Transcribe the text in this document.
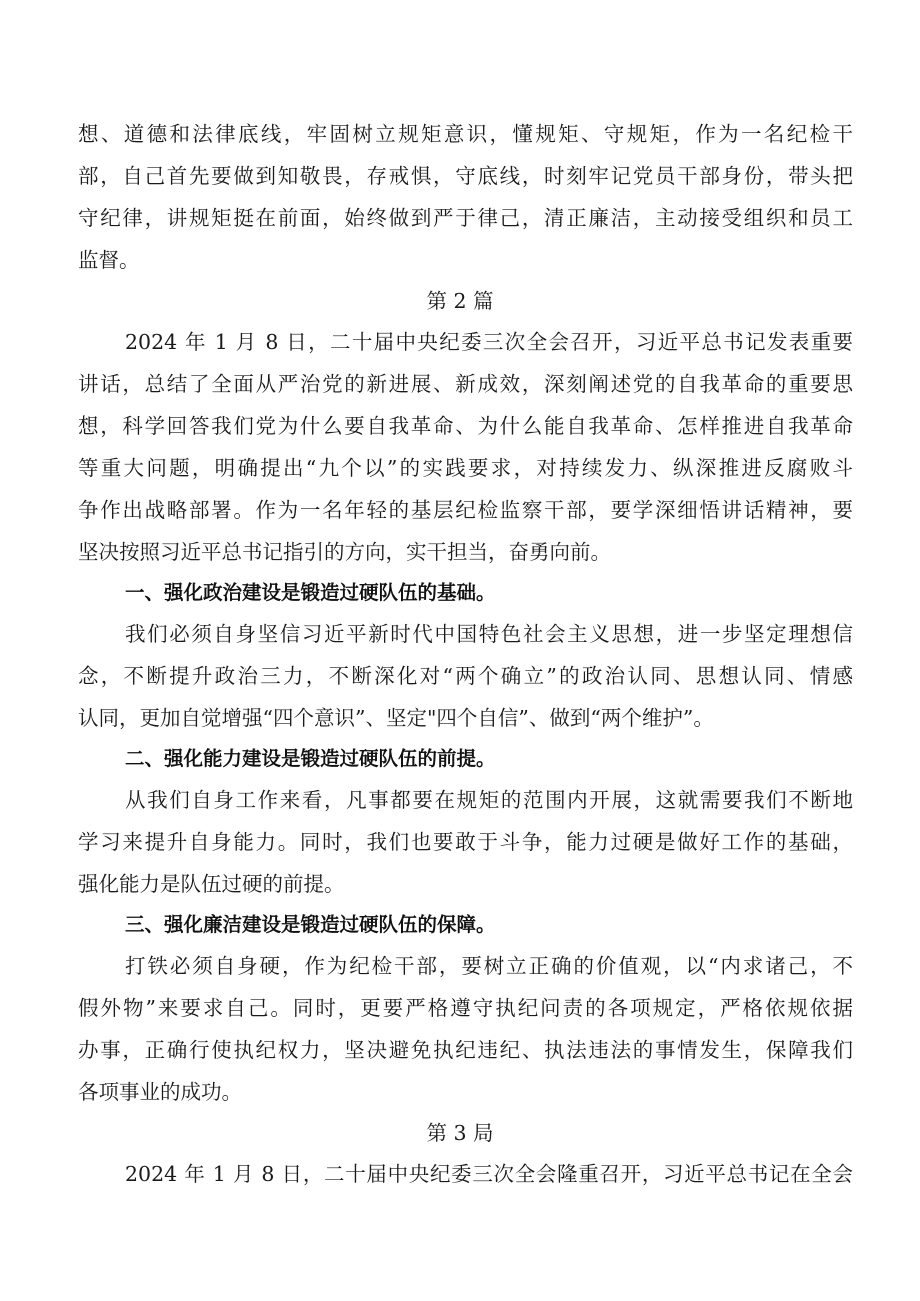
想、道德和法律底线，牢固树立规矩意识，懂规矩、守规矩，作为一名纪检干
部，自己首先要做到知敬畏，存戒惧，守底线，时刻牢记党员干部身份，带头把
守纪律，讲规矩挺在前面，始终做到严于律己，清正廉洁，主动接受组织和员工
监督。
第 2 篇
2024 年 1 月 8 日，二十届中央纪委三次全会召开，习近平总书记发表重要
讲话，总结了全面从严治党的新进展、新成效，深刻阐述党的自我革命的重要思
想，科学回答我们党为什么要自我革命、为什么能自我革命、怎样推进自我革命
等重大问题，明确提出“九个以”的实践要求，对持续发力、纵深推进反腐败斗
争作出战略部署。作为一名年轻的基层纪检监察干部，要学深细悟讲话精神，要
坚决按照习近平总书记指引的方向，实干担当，奋勇向前。
一、强化政治建设是锻造过硬队伍的基础。
我们必须自身坚信习近平新时代中国特色社会主义思想，进一步坚定理想信
念，不断提升政治三力，不断深化对“两个确立”的政治认同、思想认同、情感
认同，更加自觉增强“四个意识”、坚定"四个自信”、做到“两个维护”。
二、强化能力建设是锻造过硬队伍的前提。
从我们自身工作来看，凡事都要在规矩的范围内开展，这就需要我们不断地
学习来提升自身能力。同时，我们也要敢于斗争，能力过硬是做好工作的基础，
强化能力是队伍过硬的前提。
三、强化廉洁建设是锻造过硬队伍的保障。
打铁必须自身硬，作为纪检干部，要树立正确的价值观，以“内求诸己，不
假外物”来要求自己。同时，更要严格遵守执纪问责的各项规定，严格依规依据
办事，正确行使执纪权力，坚决避免执纪违纪、执法违法的事情发生，保障我们
各项事业的成功。
第 3 局
2024 年 1 月 8 日，二十届中央纪委三次全会隆重召开，习近平总书记在全会
